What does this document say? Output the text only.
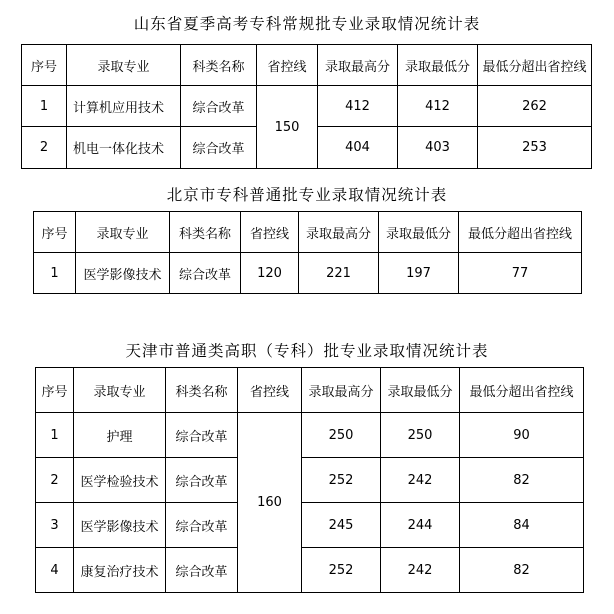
山东省夏季高考专科常规批专业录取情况统计表
序号	录取专业	科类名称	省控线	录取最高分	录取最低分	最低分超出省控线
1	计算机应用技术	综合改革	150	412	412	262
2	机电一体化技术	综合改革		404	403	253
北京市专科普通批专业录取情况统计表
序号	录取专业	科类名称	省控线	录取最高分	录取最低分	最低分超出省控线
1	医学影像技术	综合改革	120	221	197	77
天津市普通类高职（专科）批专业录取情况统计表
序号	录取专业	科类名称	省控线	录取最高分	录取最低分	最低分超出省控线
1	护理	综合改革	160	250	250	90
2	医学检验技术	综合改革		252	242	82
3	医学影像技术	综合改革		245	244	84
4	康复治疗技术	综合改革		252	242	82
